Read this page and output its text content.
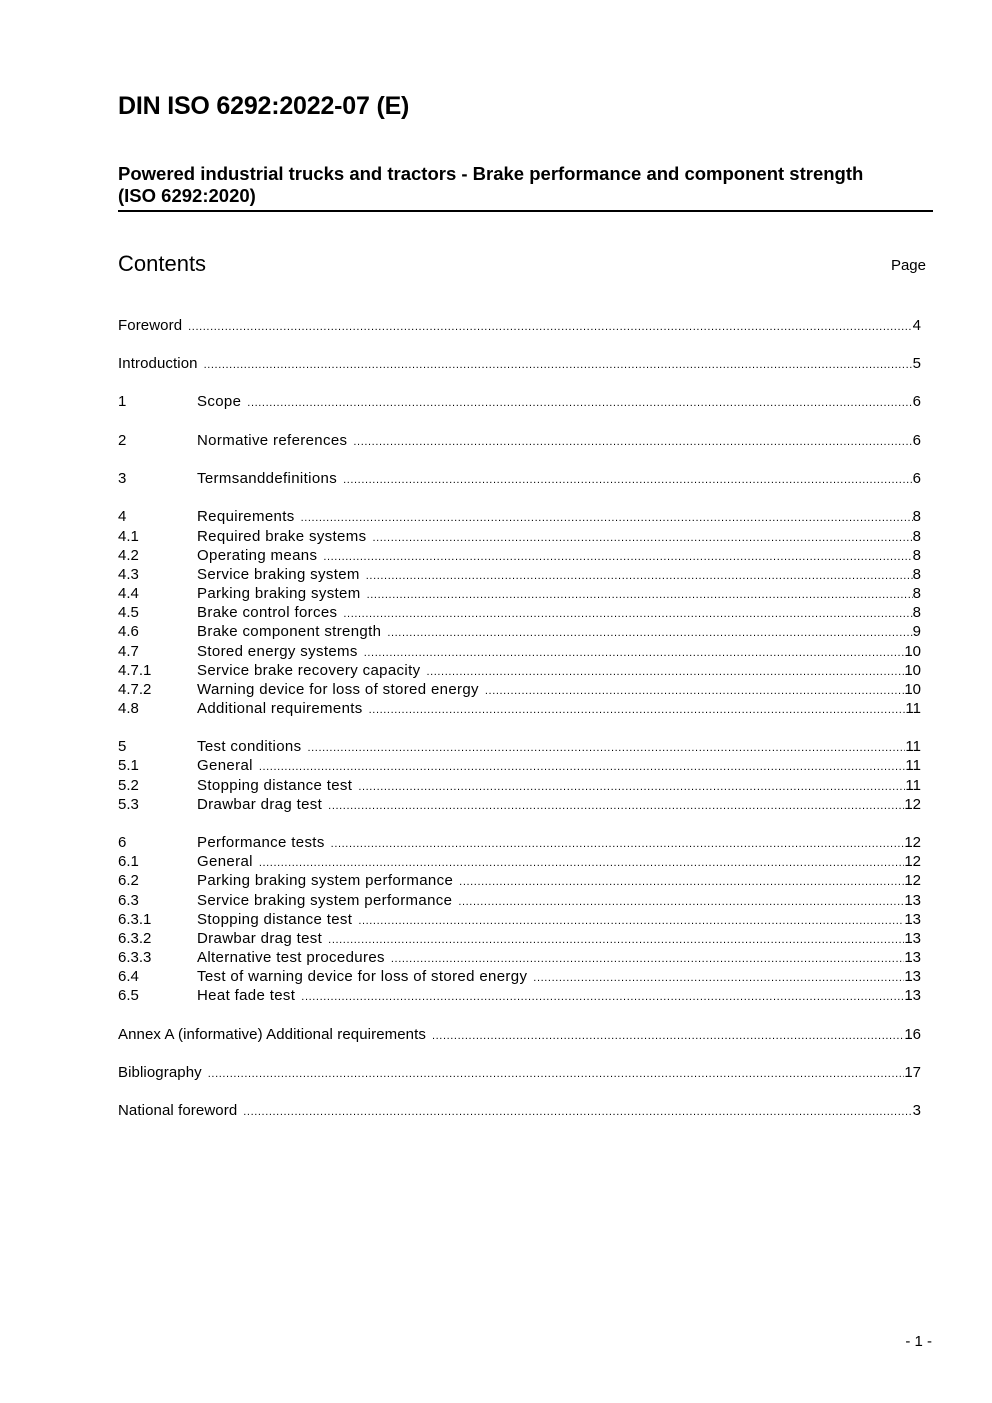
DIN ISO 6292:2022-07 (E)
Powered industrial trucks and tractors - Brake performance and component strength
(ISO 6292:2020)
Contents	Page
Foreword .....	4
Introduction .....	5
1	Scope .....	6
2	Normative references .....	6
3	Termsanddefinitions .....	6
4	Requirements .....	8
4.1	Required brake systems .....	8
4.2	Operating means .....	8
4.3	Service braking system .....	8
4.4	Parking braking system .....	8
4.5	Brake control forces .....	8
4.6	Brake component strength .....	9
4.7	Stored energy systems .....	10
4.7.1	Service brake recovery capacity .....	10
4.7.2	Warning device for loss of stored energy .....	10
4.8	Additional requirements .....	11
5	Test conditions .....	11
5.1	General .....	11
5.2	Stopping distance test .....	11
5.3	Drawbar drag test .....	12
6	Performance tests .....	12
6.1	General .....	12
6.2	Parking braking system performance .....	12
6.3	Service braking system performance .....	13
6.3.1	Stopping distance test .....	13
6.3.2	Drawbar drag test .....	13
6.3.3	Alternative test procedures .....	13
6.4	Test of warning device for loss of stored energy .....	13
6.5	Heat fade test .....	13
Annex A (informative) Additional requirements .....	16
Bibliography .....	17
National foreword .....	3
- 1 -
